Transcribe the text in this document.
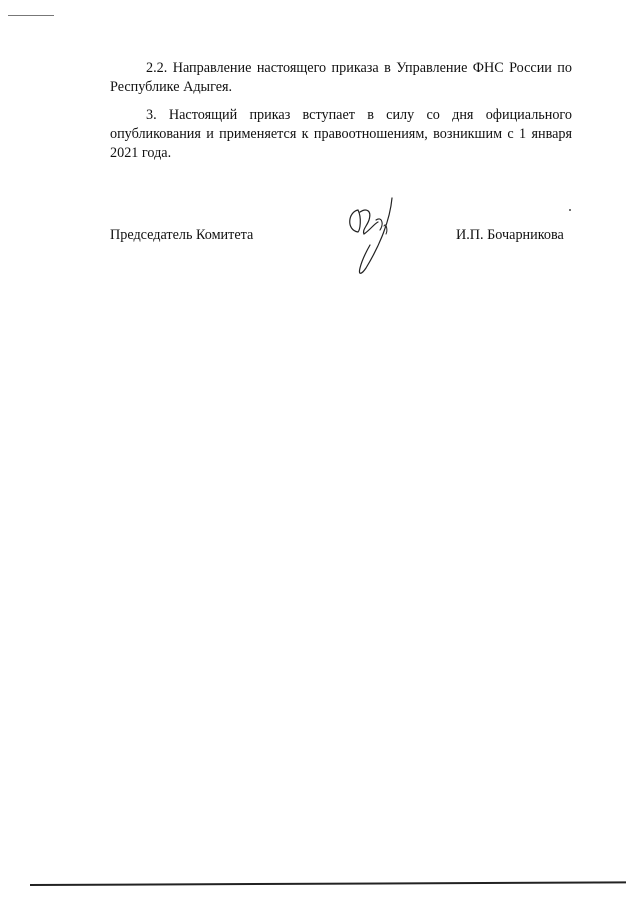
2.2. Направление настоящего приказа в Управление ФНС России по
Республике Адыгея.

3. Настоящий приказ вступает в силу со дня официального
опубликования и применяется к правоотношениям, возникшим с 1 января
2021 года.

Председатель Комитета	И.П. Бочарникова
